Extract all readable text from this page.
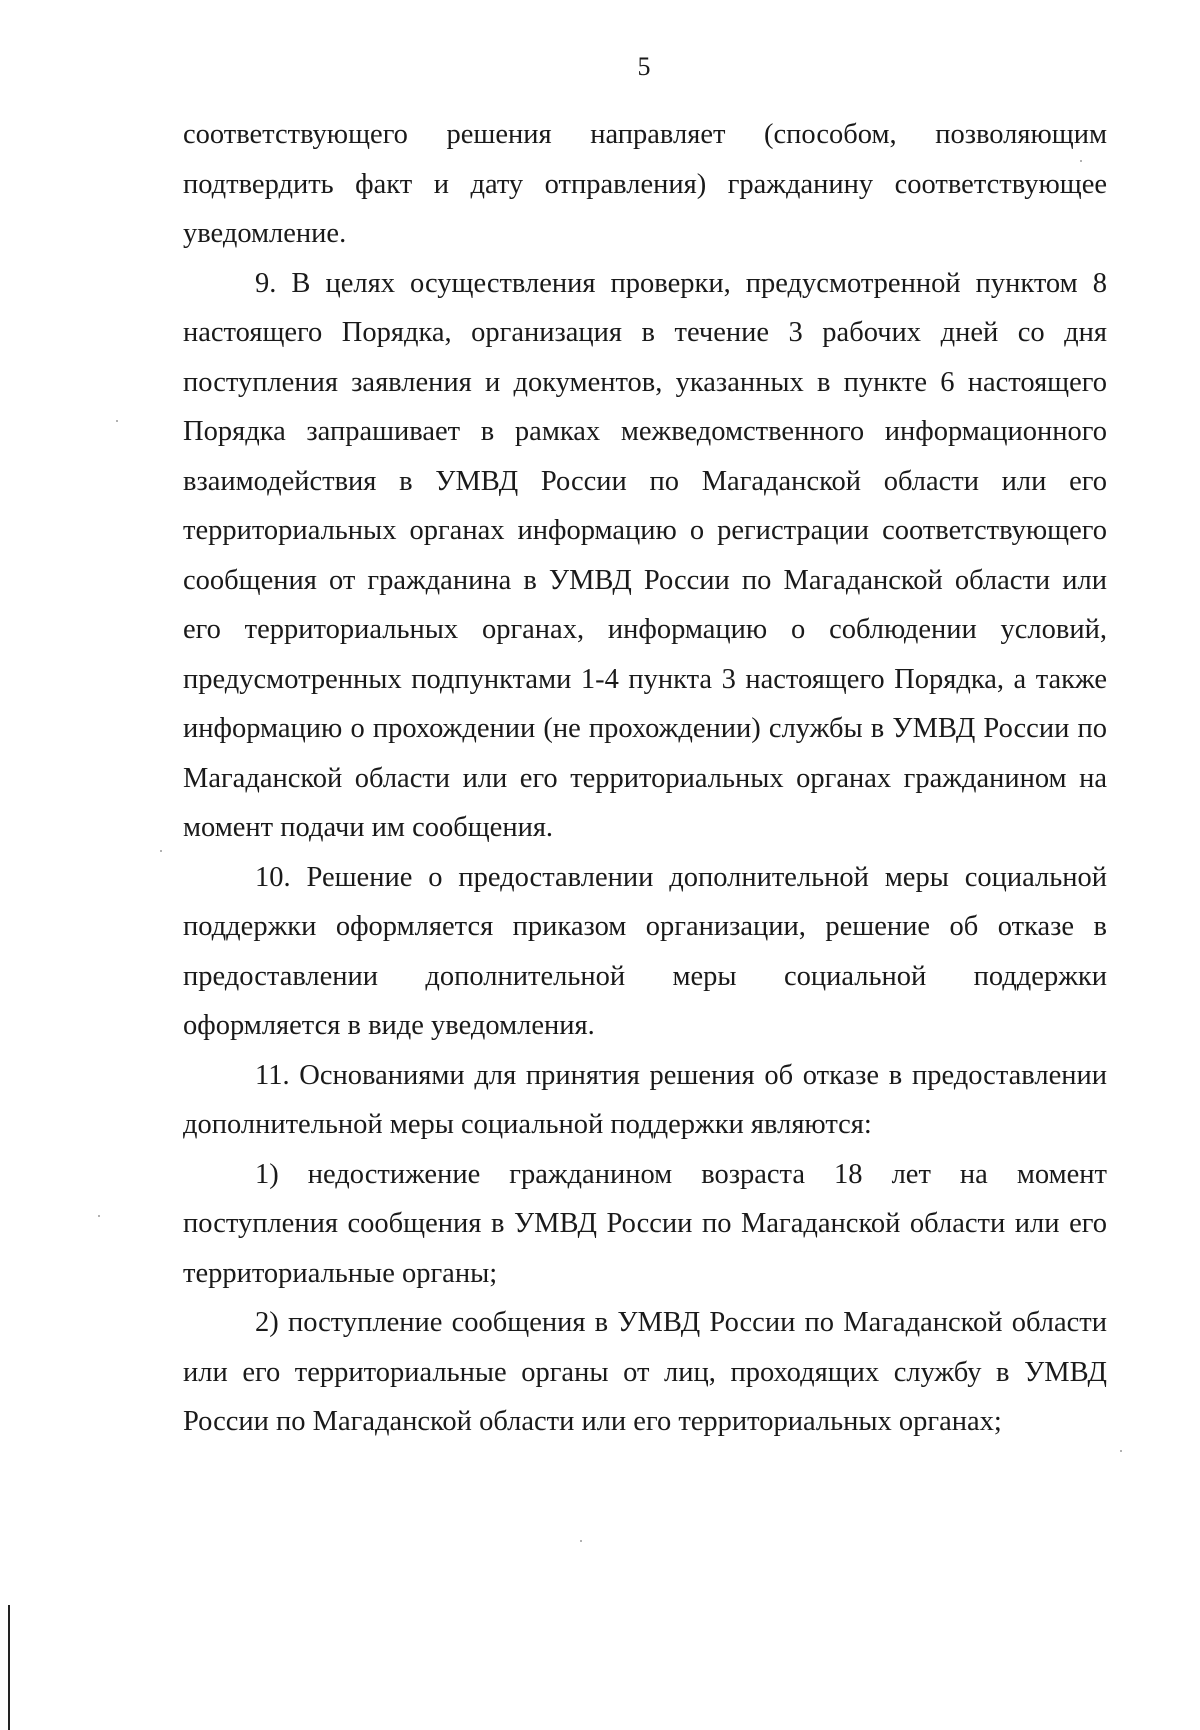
5

соответствующего решения направляет (способом, позволяющим подтвердить факт и дату отправления) гражданину соответствующее уведомление.

9. В целях осуществления проверки, предусмотренной пунктом 8 настоящего Порядка, организация в течение 3 рабочих дней со дня поступления заявления и документов, указанных в пункте 6 настоящего Порядка запрашивает в рамках межведомственного информационного взаимодействия в УМВД России по Магаданской области или его территориальных органах информацию о регистрации соответствующего сообщения от гражданина в УМВД России по Магаданской области или его территориальных органах, информацию о соблюдении условий, предусмотренных подпунктами 1-4 пункта 3 настоящего Порядка, а также информацию о прохождении (не прохождении) службы в УМВД России по Магаданской области или его территориальных органах гражданином на момент подачи им сообщения.

10. Решение о предоставлении дополнительной меры социальной поддержки оформляется приказом организации, решение об отказе в предоставлении дополнительной меры социальной поддержки оформляется в виде уведомления.

11. Основаниями для принятия решения об отказе в предоставлении дополнительной меры социальной поддержки являются:

1) недостижение гражданином возраста 18 лет на момент поступления сообщения в УМВД России по Магаданской области или его территориальные органы;

2) поступление сообщения в УМВД России по Магаданской области или его территориальные органы от лиц, проходящих службу в УМВД России по Магаданской области или его территориальных органах;
